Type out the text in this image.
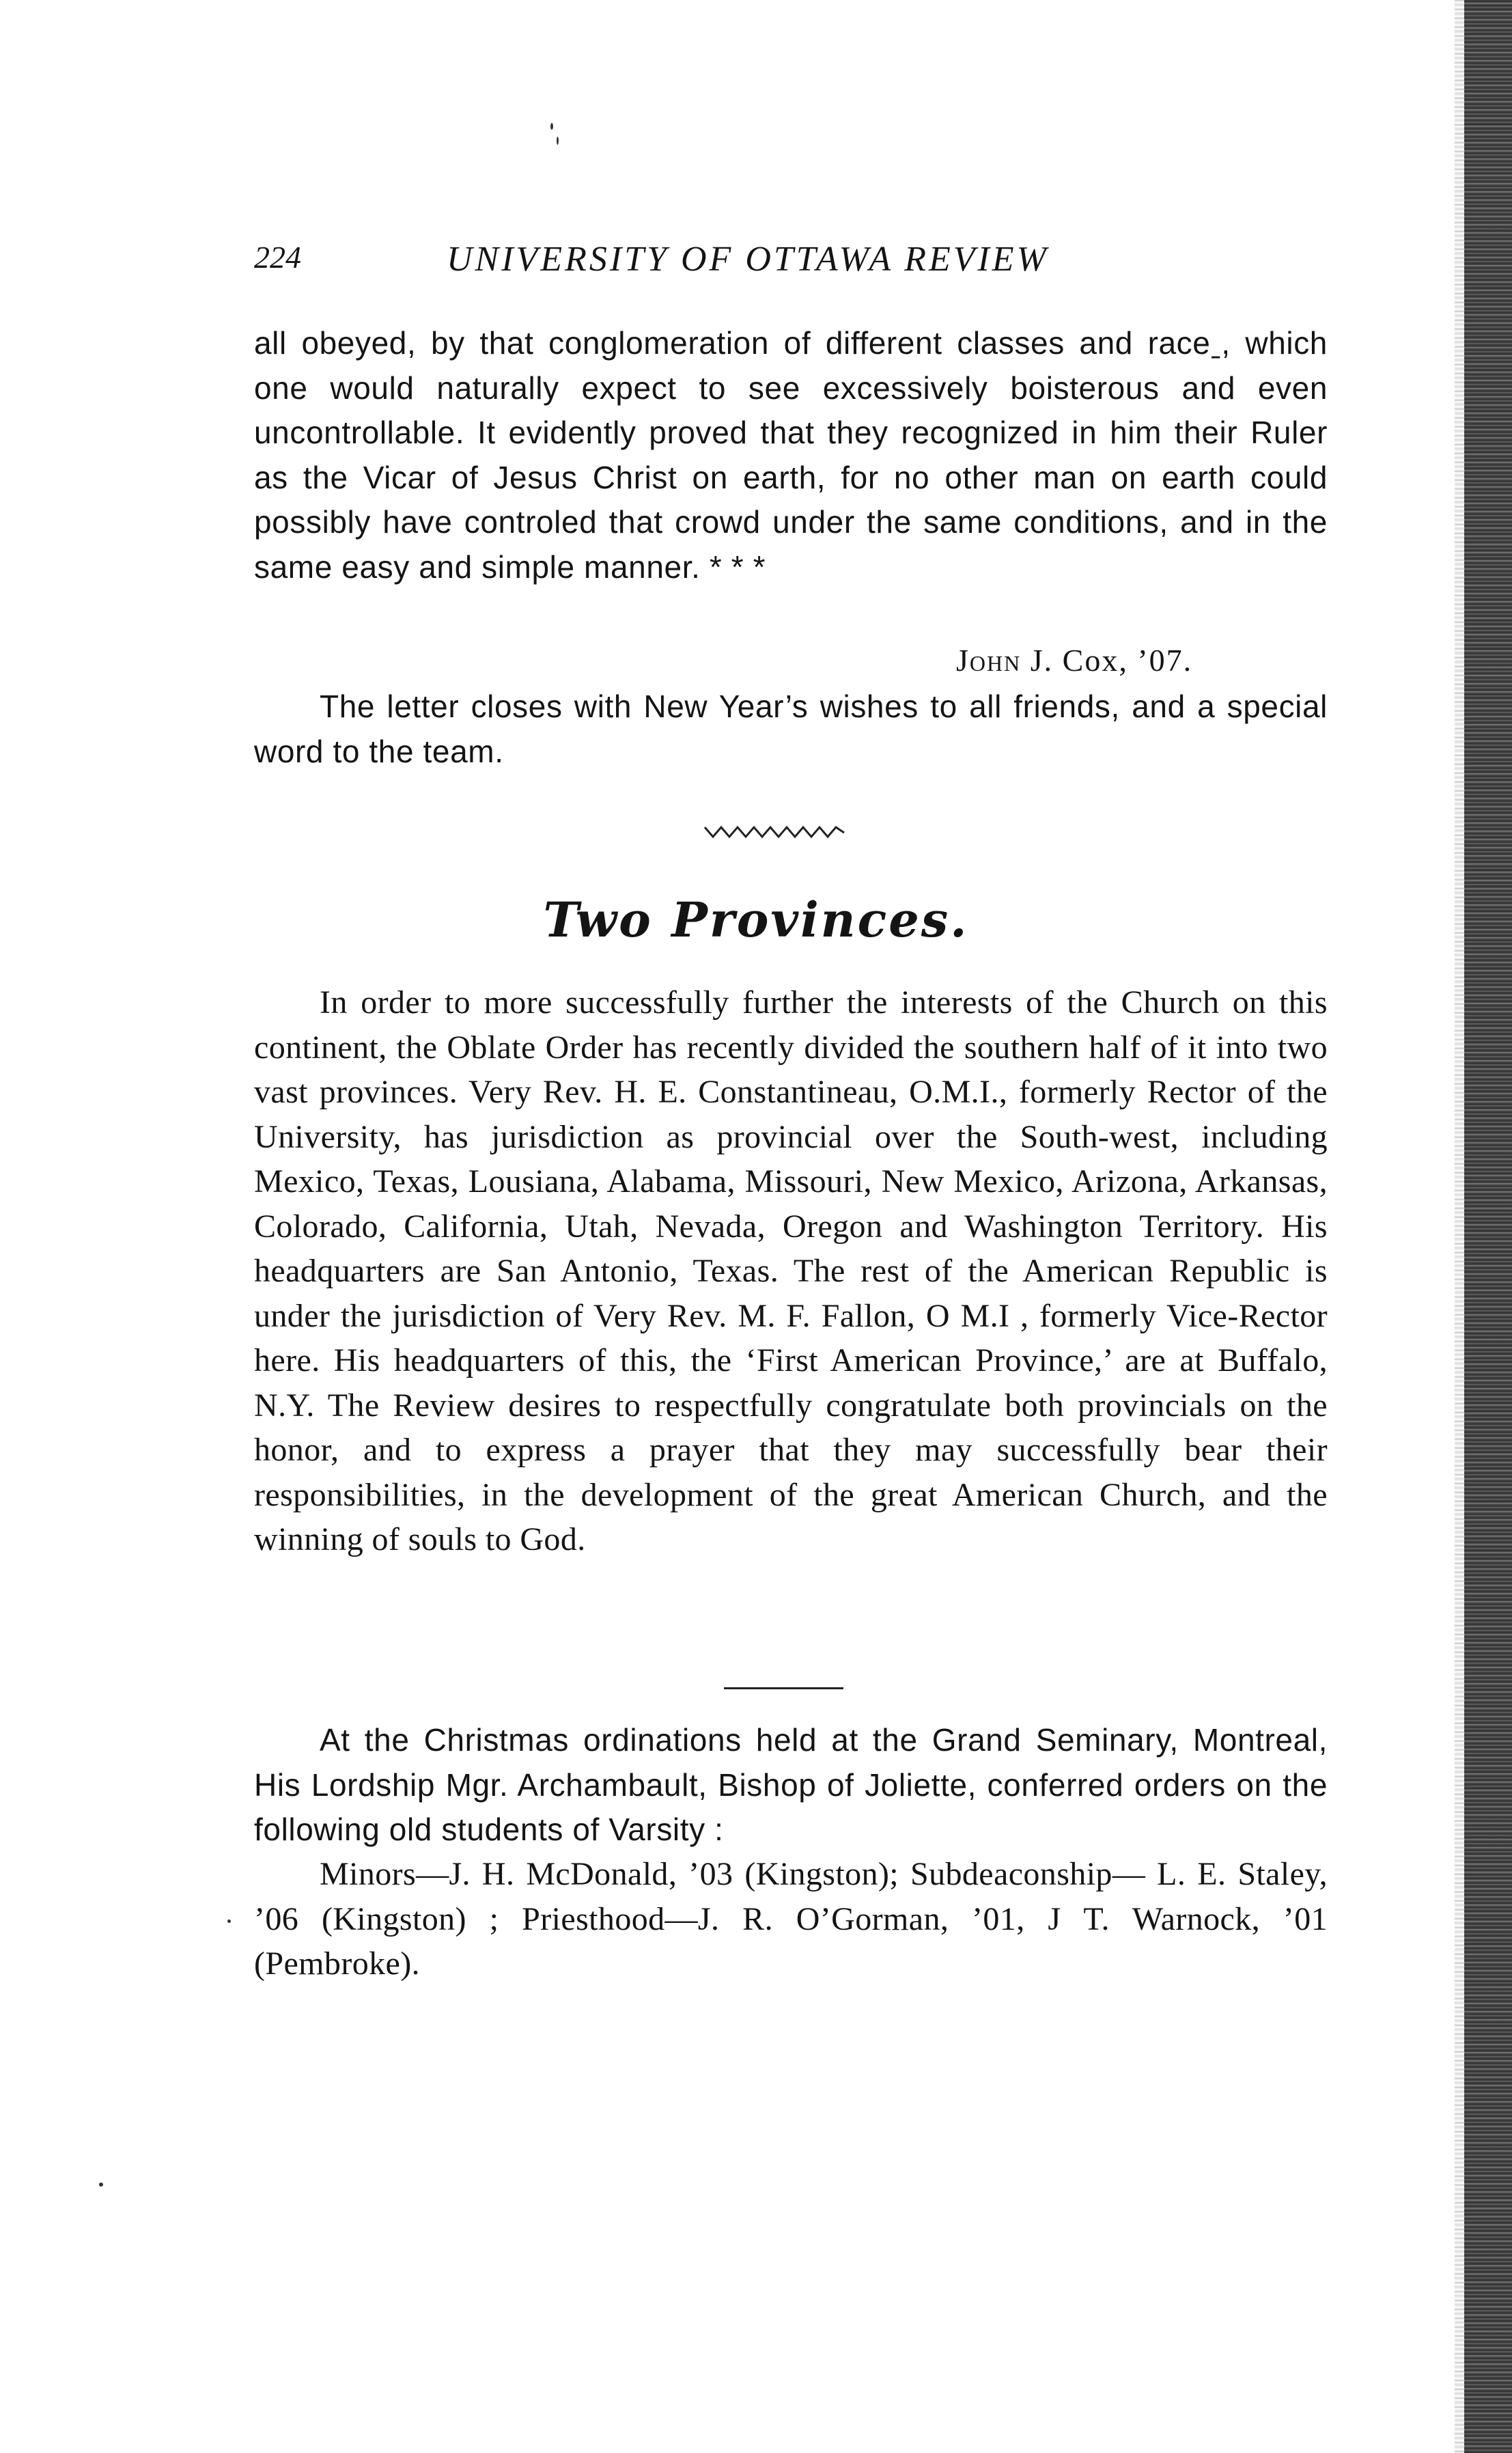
224	UNIVERSITY OF OTTAWA REVIEW

all obeyed, by that conglomeration of different classes and raceˍ, which one would naturally expect to see excessively boisterous and even uncontrollable. It evidently proved that they recognized in him their Ruler as the Vicar of Jesus Christ on earth, for no other man on earth could possibly have controled that crowd under the same conditions, and in the same easy and simple manner. * * *

John J. Cox, ’07.

The letter closes with New Year’s wishes to all friends, and a special word to the team.

Two Provinces.

In order to more successfully further the interests of the Church on this continent, the Oblate Order has recently divided the southern half of it into two vast provinces. Very Rev. H. E. Constantineau, O.M.I., formerly Rector of the University, has jurisdiction as provincial over the South-west, including Mexico, Texas, Lousiana, Alabama, Missouri, New Mexico, Arizona, Arkansas, Colorado, California, Utah, Nevada, Oregon and Washington Territory. His headquarters are San Antonio, Texas. The rest of the American Republic is under the jurisdiction of Very Rev. M. F. Fallon, O M.I , formerly Vice-Rector here. His headquarters of this, the ‘First American Province,’ are at Buffalo, N.Y. The Review desires to respectfully congratulate both provincials on the honor, and to express a prayer that they may successfully bear their responsibilities, in the development of the great American Church, and the winning of souls to God.

At the Christmas ordinations held at the Grand Seminary, Montreal, His Lordship Mgr. Archambault, Bishop of Joliette, conferred orders on the following old students of Varsity :

Minors—J. H. McDonald, ’03 (Kingston); Subdeaconship— L. E. Staley, ’06 (Kingston) ; Priesthood—J. R. O’Gorman, ’01, J T. Warnock, ’01 (Pembroke).
